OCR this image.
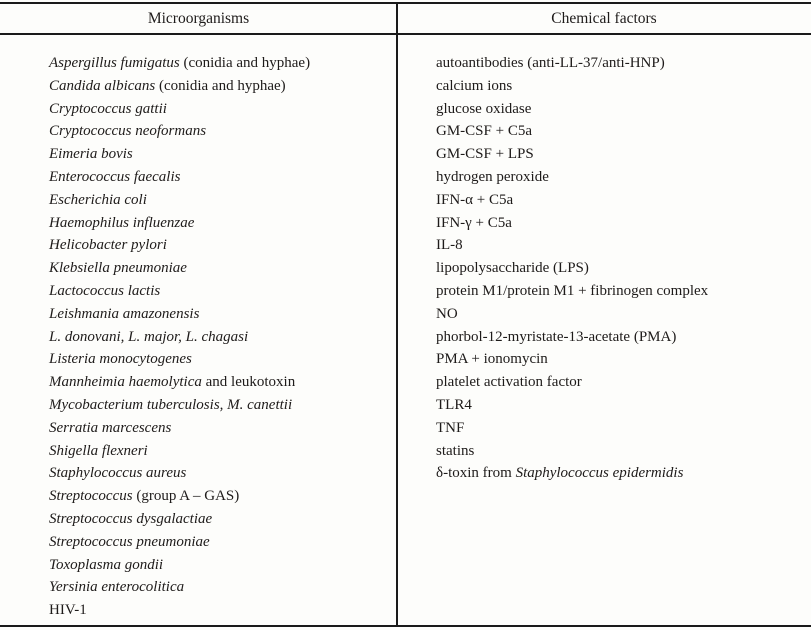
Microorganisms	Chemical factors
Aspergillus fumigatus (conidia and hyphae)	autoantibodies (anti-LL-37/anti-HNP)
Candida albicans (conidia and hyphae)	calcium ions
Cryptococcus gattii	glucose oxidase
Cryptococcus neoformans	GM-CSF + C5a
Eimeria bovis	GM-CSF + LPS
Enterococcus faecalis	hydrogen peroxide
Escherichia coli	IFN-α + C5a
Haemophilus influenzae	IFN-γ + C5a
Helicobacter pylori	IL-8
Klebsiella pneumoniae	lipopolysaccharide (LPS)
Lactococcus lactis	protein M1/protein M1 + fibrinogen complex
Leishmania amazonensis	NO
L. donovani, L. major, L. chagasi	phorbol-12-myristate-13-acetate (PMA)
Listeria monocytogenes	PMA + ionomycin
Mannheimia haemolytica and leukotoxin	platelet activation factor
Mycobacterium tuberculosis, M. canettii	TLR4
Serratia marcescens	TNF
Shigella flexneri	statins
Staphylococcus aureus	δ-toxin from Staphylococcus epidermidis
Streptococcus (group A – GAS)
Streptococcus dysgalactiae
Streptococcus pneumoniae
Toxoplasma gondii
Yersinia enterocolitica
HIV-1
